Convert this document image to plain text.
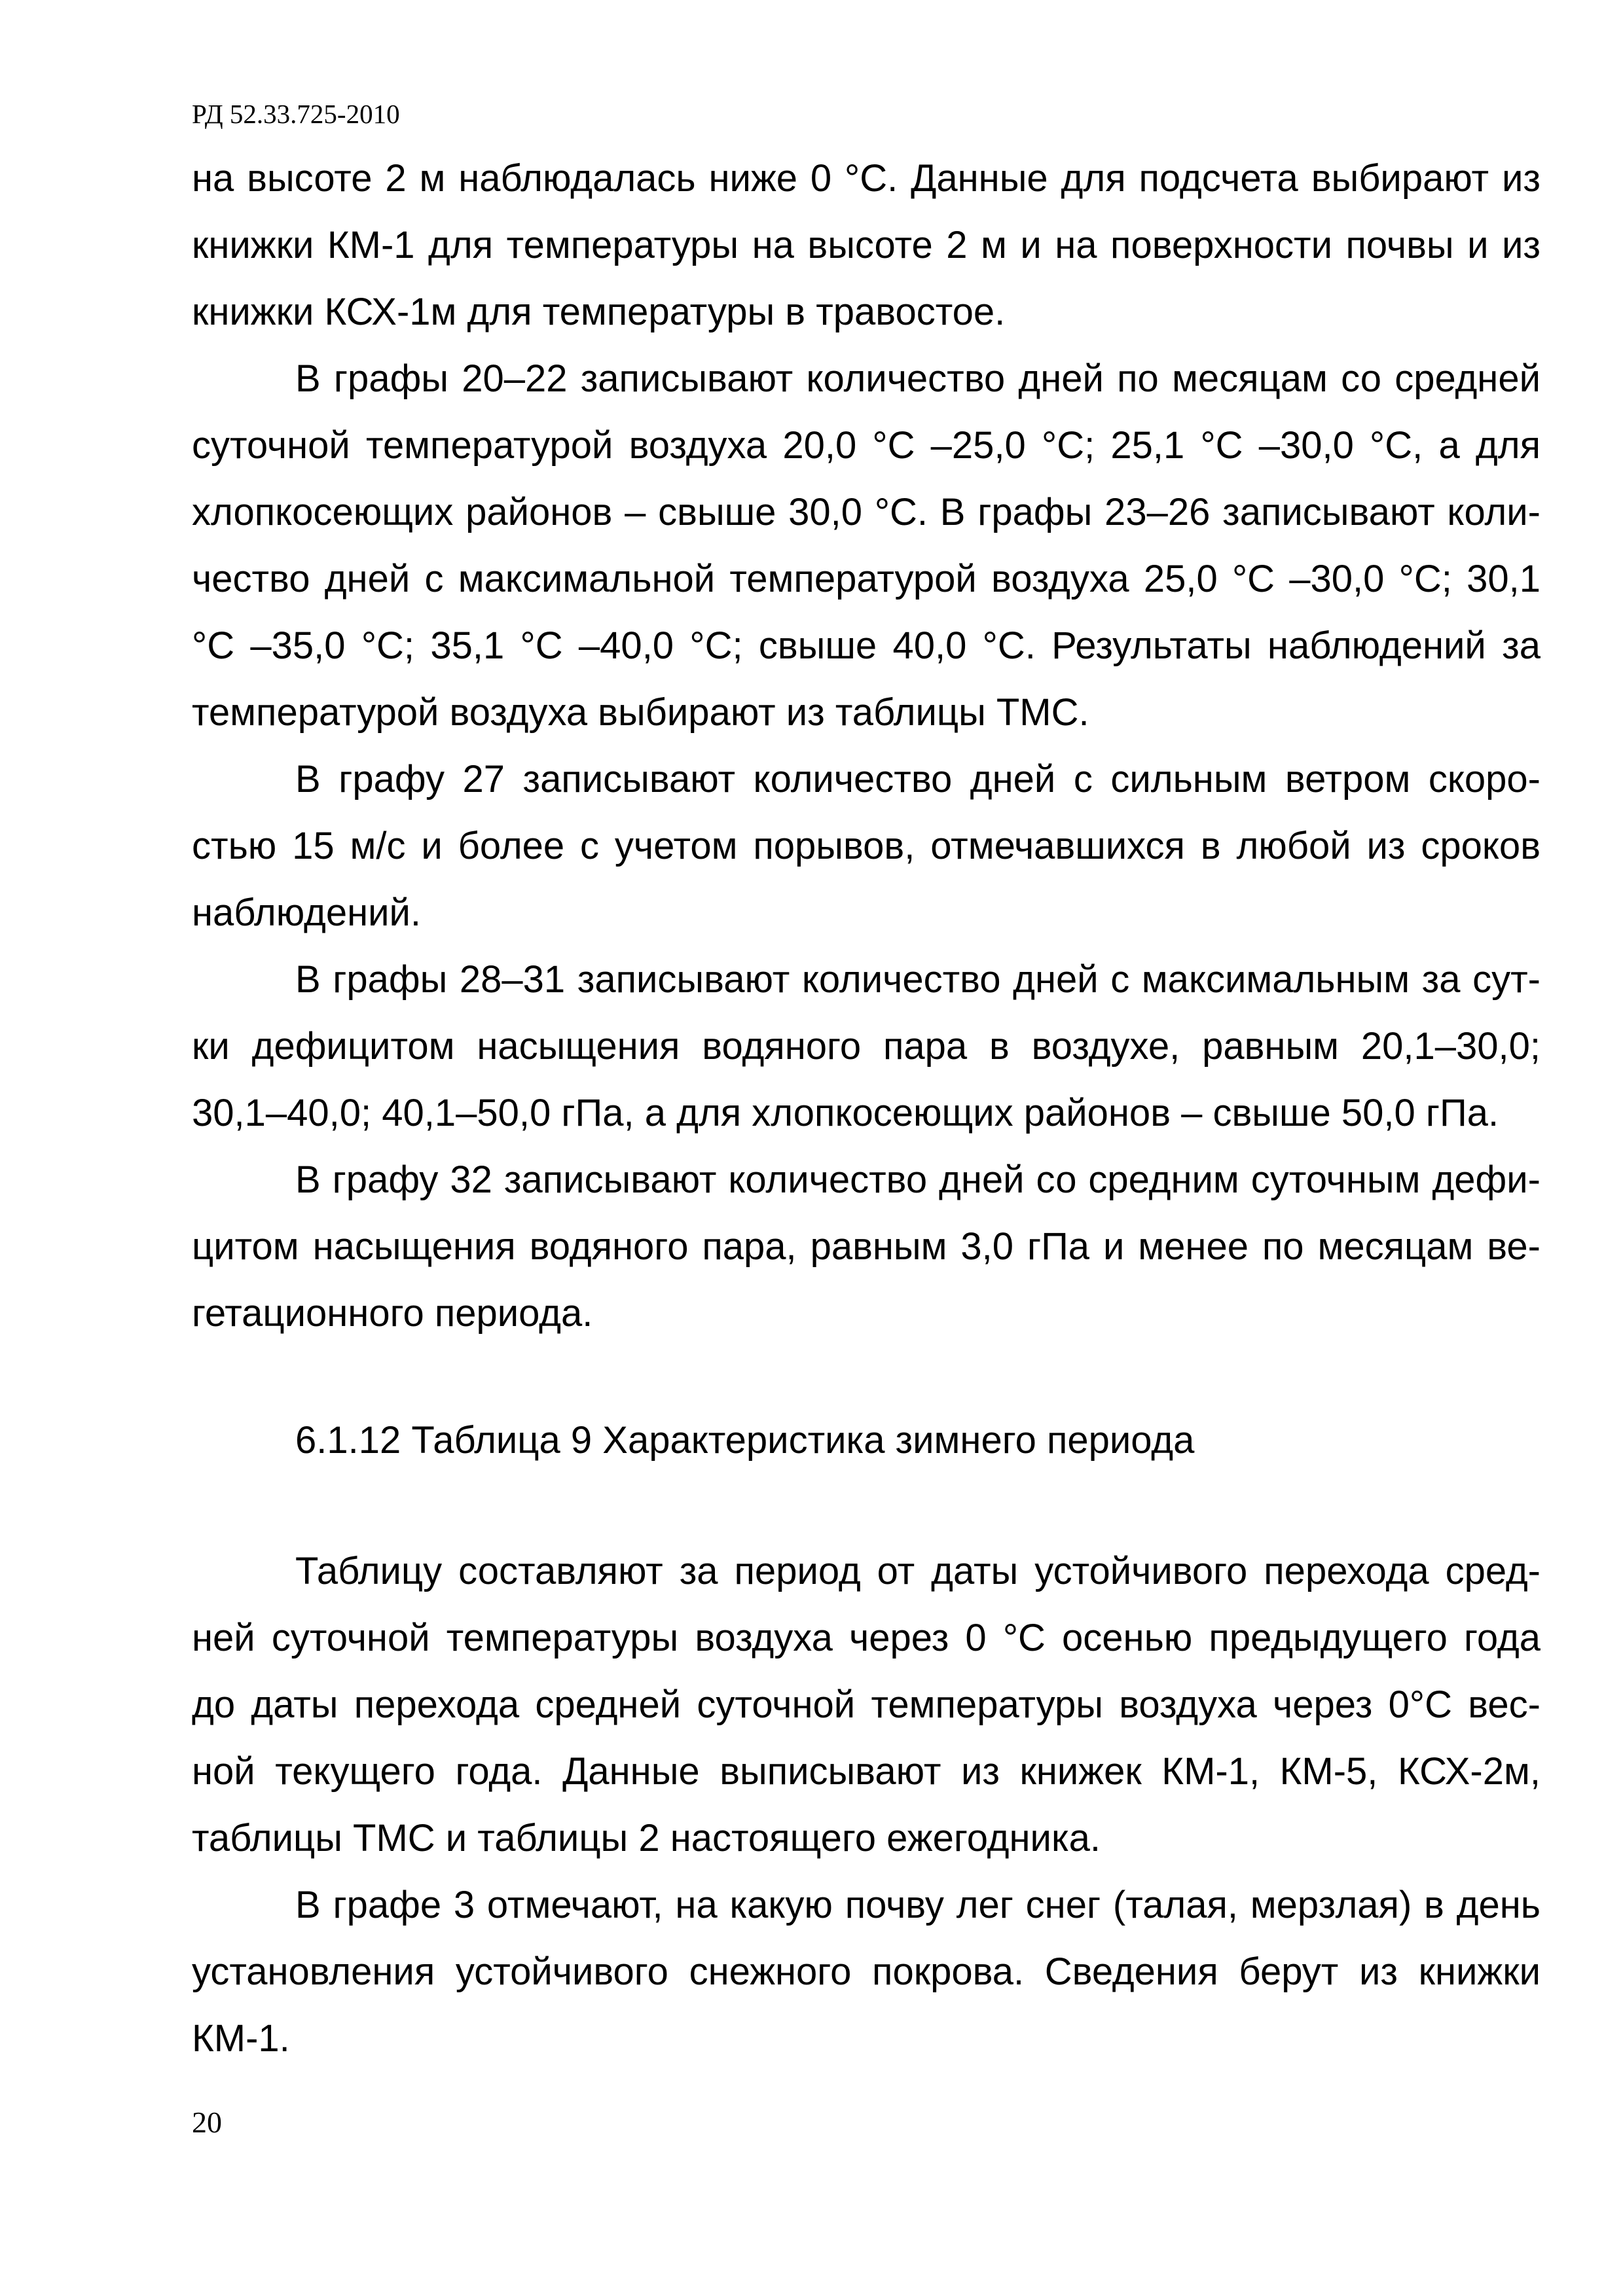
РД 52.33.725-2010

на высоте 2 м наблюдалась ниже 0 °С. Данные для подсчета выбирают из книжки КМ-1 для температуры на высоте 2 м и на поверхности почвы и из книжки КСХ-1м для температуры в травостое.

В графы 20–22 записывают количество дней по месяцам со средней суточной температурой воздуха 20,0 °С –25,0 °С; 25,1 °С –30,0 °С, а для хлопкосеющих районов – свыше 30,0 °С. В графы 23–26 записывают количество дней с максимальной температурой воздуха 25,0 °С –30,0 °С; 30,1 °С –35,0 °С; 35,1 °С –40,0 °С; свыше 40,0 °С. Результаты наблюдений за температурой воздуха выбирают из таблицы ТМС.

В графу 27 записывают количество дней с сильным ветром скоростью 15 м/с и более с учетом порывов, отмечавшихся в любой из сроков наблюдений.

В графы 28–31 записывают количество дней с максимальным за сутки дефицитом насыщения водяного пара в воздухе, равным 20,1–30,0; 30,1–40,0; 40,1–50,0 гПа, а для хлопкосеющих районов – свыше 50,0 гПа.

В графу 32 записывают количество дней со средним суточным дефицитом насыщения водяного пара, равным 3,0 гПа и менее по месяцам вегетационного периода.

6.1.12 Таблица 9 Характеристика зимнего периода

Таблицу составляют за период от даты устойчивого перехода средней суточной температуры воздуха через 0 °С осенью предыдущего года до даты перехода средней суточной температуры воздуха через 0°С весной текущего года. Данные выписывают из книжек КМ-1, КМ-5, КСХ-2м, таблицы ТМС и таблицы 2 настоящего ежегодника.

В графе 3 отмечают, на какую почву лег снег (талая, мерзлая) в день установления устойчивого снежного покрова. Сведения берут из книжки КМ-1.

20
